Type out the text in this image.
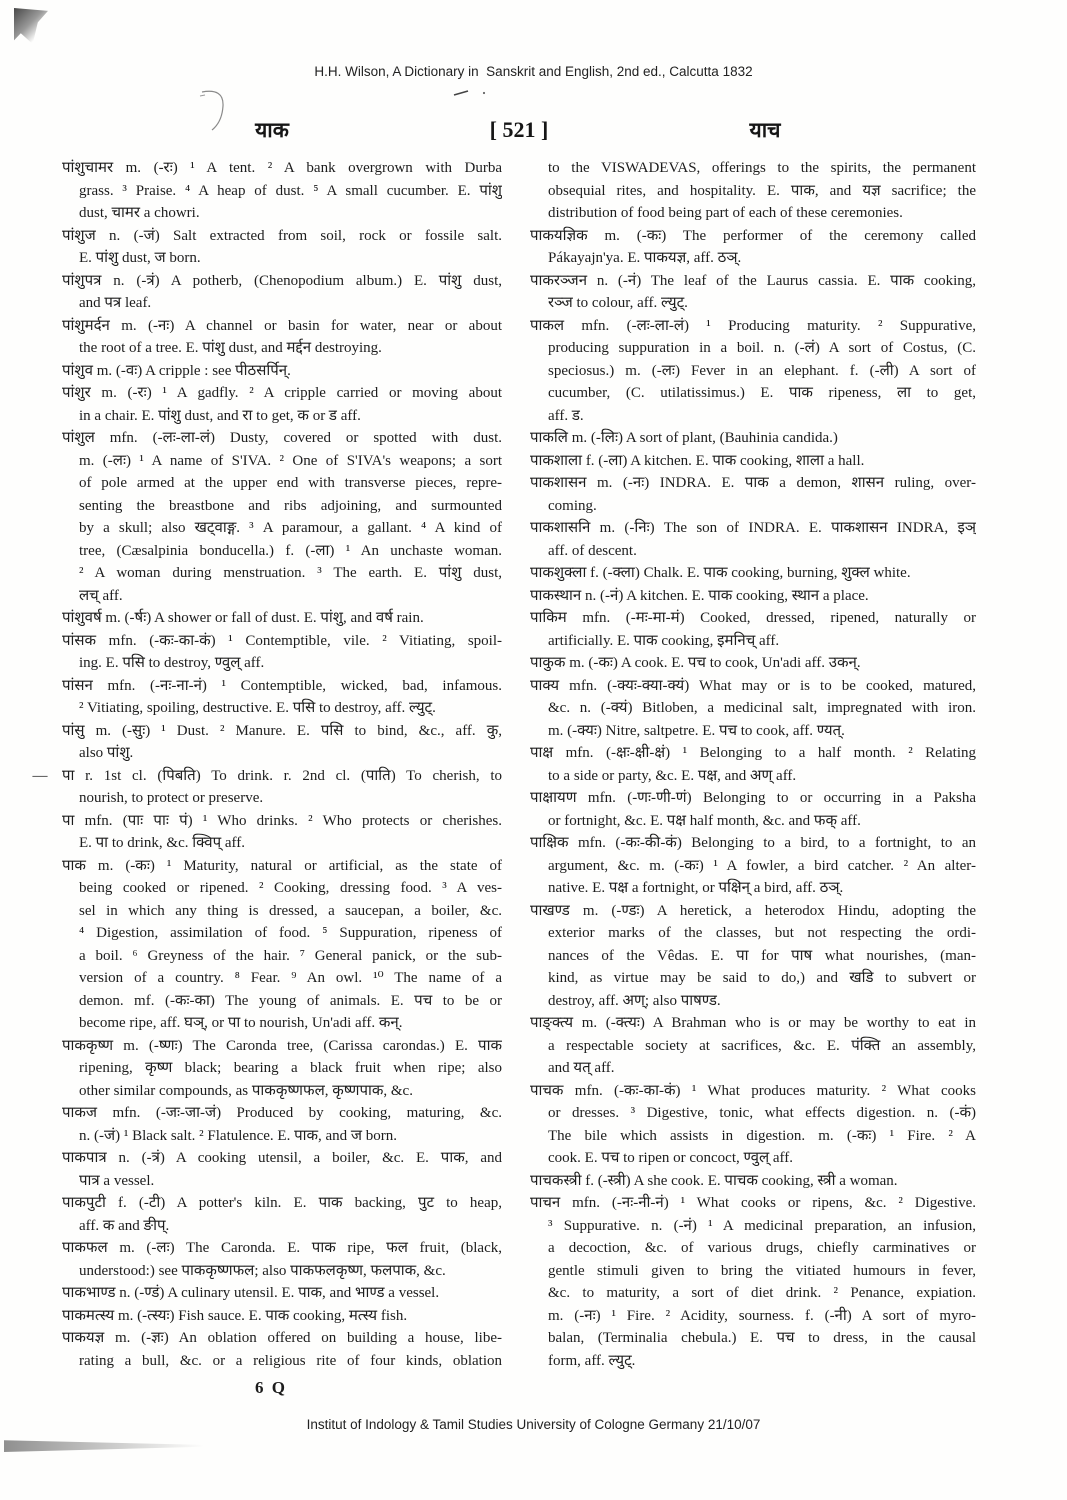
H.H. Wilson, A Dictionary in  Sanskrit and English, 2nd ed., Calcutta 1832
याक	[ 521 ]	याच
पांशुचामर m. (-रः) ¹ A tent. ² A bank overgrown with Durba
grass. ³ Praise. ⁴ A heap of dust. ⁵ A small cucumber. E. पांशु
dust, चामर a chowri.
पांशुज n. (-जं) Salt extracted from soil, rock or fossile salt.
E. पांशु dust, ज born.
पांशुपत्र n. (-त्रं) A potherb, (Chenopodium album.) E. पांशु dust,
and पत्र leaf.
पांशुमर्दन m. (-नः) A channel or basin for water, near or about
the root of a tree. E. पांशु dust, and मर्द्दन destroying.
पांशुव m. (-वः) A cripple : see पीठसर्पिन्.
पांशुर m. (-रः) ¹ A gadfly. ² A cripple carried or moving about
in a chair. E. पांशु dust, and रा to get, क or ड aff.
पांशुल mfn. (-लः-ला-लं) Dusty, covered or spotted with dust.
m. (-लः) ¹ A name of S'IVA. ² One of S'IVA's weapons; a sort
of pole armed at the upper end with transverse pieces, repre-
senting the breastbone and ribs adjoining, and surmounted
by a skull; also खट्वाङ्ग. ³ A paramour, a gallant. ⁴ A kind of
tree, (Cæsalpinia bonducella.) f. (-ला) ¹ An unchaste woman.
² A woman during menstruation. ³ The earth. E. पांशु dust,
लच् aff.
पांशुवर्ष m. (-र्षः) A shower or fall of dust. E. पांशु, and वर्ष rain.
पांसक mfn. (-कः-का-कं) ¹ Contemptible, vile. ² Vitiating, spoil-
ing. E. पसि to destroy, ण्वुल् aff.
पांसन mfn. (-नः-ना-नं) ¹ Contemptible, wicked, bad, infamous.
² Vitiating, spoiling, destructive. E. पसि to destroy, aff. ल्युट्.
पांसु m. (-सुः) ¹ Dust. ² Manure. E. पसि to bind, &c., aff. कु,
also पांशु.
— पा r. 1st cl. (पिबति) To drink. r. 2nd cl. (पाति) To cherish, to
nourish, to protect or preserve.
पा mfn. (पाः पाः पं) ¹ Who drinks. ² Who protects or cherishes.
E. पा to drink, &c. क्विप् aff.
पाक m. (-कः) ¹ Maturity, natural or artificial, as the state of
being cooked or ripened. ² Cooking, dressing food. ³ A ves-
sel in which any thing is dressed, a saucepan, a boiler, &c.
⁴ Digestion, assimilation of food. ⁵ Suppuration, ripeness of
a boil. ⁶ Greyness of the hair. ⁷ General panick, or the sub-
version of a country. ⁸ Fear. ⁹ An owl. ¹⁰ The name of a
demon. mf. (-कः-का) The young of animals. E. पच to be or
become ripe, aff. घञ्, or पा to nourish, Un'adi aff. कन्.
पाककृष्ण m. (-ष्णः) The Caronda tree, (Carissa carondas.) E. पाक
ripening, कृष्ण black; bearing a black fruit when ripe; also
other similar compounds, as पाककृष्णफल, कृष्णपाक, &c.
पाकज mfn. (-जः-जा-जं) Produced by cooking, maturing, &c.
n. (-जं) ¹ Black salt. ² Flatulence. E. पाक, and ज born.
पाकपात्र n. (-त्रं) A cooking utensil, a boiler, &c. E. पाक, and
पात्र a vessel.
पाकपुटी f. (-टी) A potter's kiln. E. पाक backing, पुट to heap,
aff. क and ङीप्.
पाकफल m. (-लः) The Caronda. E. पाक ripe, फल fruit, (black,
understood:) see पाककृष्णफल; also पाकफलकृष्ण, फलपाक, &c.
पाकभाण्ड n. (-ण्डं) A culinary utensil. E. पाक, and भाण्ड a vessel.
पाकमत्स्य m. (-त्स्यः) Fish sauce. E. पाक cooking, मत्स्य fish.
पाकयज्ञ m. (-ज्ञः) An oblation offered on building a house, libe-
rating a bull, &c. or a religious rite of four kinds, oblation
to the VISWADEVAS, offerings to the spirits, the permanent
obsequial rites, and hospitality. E. पाक, and यज्ञ sacrifice; the
distribution of food being part of each of these ceremonies.
पाकयज्ञिक m. (-कः) The performer of the ceremony called
Pákayajn'ya. E. पाकयज्ञ, aff. ठञ्.
पाकरञ्जन n. (-नं) The leaf of the Laurus cassia. E. पाक cooking,
रञ्ज to colour, aff. ल्युट्.
पाकल mfn. (-लः-ला-लं) ¹ Producing maturity. ² Suppurative,
producing suppuration in a boil. n. (-लं) A sort of Costus, (C.
speciosus.) m. (-लः) Fever in an elephant. f. (-ली) A sort of
cucumber, (C. utilatissimus.) E. पाक ripeness, ला to get,
aff. ड.
पाकलि m. (-लिः) A sort of plant, (Bauhinia candida.)
पाकशाला f. (-ला) A kitchen. E. पाक cooking, शाला a hall.
पाकशासन m. (-नः) INDRA. E. पाक a demon, शासन ruling, over-
coming.
पाकशासनि m. (-निः) The son of INDRA. E. पाकशासन INDRA, इञ्
aff. of descent.
पाकशुक्ला f. (-क्ला) Chalk. E. पाक cooking, burning, शुक्ल white.
पाकस्थान n. (-नं) A kitchen. E. पाक cooking, स्थान a place.
पाकिम mfn. (-मः-मा-मं) Cooked, dressed, ripened, naturally or
artificially. E. पाक cooking, इमनिच् aff.
पाकुक m. (-कः) A cook. E. पच to cook, Un'adi aff. उकन्.
पाक्य mfn. (-क्यः-क्या-क्यं) What may or is to be cooked, matured,
&c. n. (-क्यं) Bitloben, a medicinal salt, impregnated with iron.
m. (-क्यः) Nitre, saltpetre. E. पच to cook, aff. ण्यत्.
पाक्ष mfn. (-क्षः-क्षी-क्षं) ¹ Belonging to a half month. ² Relating
to a side or party, &c. E. पक्ष, and अण् aff.
पाक्षायण mfn. (-णः-णी-णं) Belonging to or occurring in a Paksha
or fortnight, &c. E. पक्ष half month, &c. and फक् aff.
पाक्षिक mfn. (-कः-की-कं) Belonging to a bird, to a fortnight, to an
argument, &c. m. (-कः) ¹ A fowler, a bird catcher. ² An alter-
native. E. पक्ष a fortnight, or पक्षिन् a bird, aff. ठञ्.
पाखण्ड m. (-ण्डः) A heretick, a heterodox Hindu, adopting the
exterior marks of the classes, but not respecting the ordi-
nances of the Vêdas. E. पा for पाष what nourishes, (man-
kind, as virtue may be said to do,) and खडि to subvert or
destroy, aff. अण्; also पाषण्ड.
पाङ्क्त्य m. (-क्त्यः) A Brahman who is or may be worthy to eat in
a respectable society at sacrifices, &c. E. पंक्ति an assembly,
and यत् aff.
पाचक mfn. (-कः-का-कं) ¹ What produces maturity. ² What cooks
or dresses. ³ Digestive, tonic, what effects digestion. n. (-कं)
The bile which assists in digestion. m. (-कः) ¹ Fire. ² A
cook. E. पच to ripen or concoct, ण्वुल् aff.
पाचकस्त्री f. (-स्त्री) A she cook. E. पाचक cooking, स्त्री a woman.
पाचन mfn. (-नः-नी-नं) ¹ What cooks or ripens, &c. ² Digestive.
³ Suppurative. n. (-नं) ¹ A medicinal preparation, an infusion,
a decoction, &c. of various drugs, chiefly carminatives or
gentle stimuli given to bring the vitiated humours in fever,
&c. to maturity, a sort of diet drink. ² Penance, expiation.
m. (-नः) ¹ Fire. ² Acidity, sourness. f. (-नी) A sort of myro-
balan, (Terminalia chebula.) E. पच to dress, in the causal
form, aff. ल्युट्.
6 Q
Institut of Indology & Tamil Studies University of Cologne Germany 21/10/07
